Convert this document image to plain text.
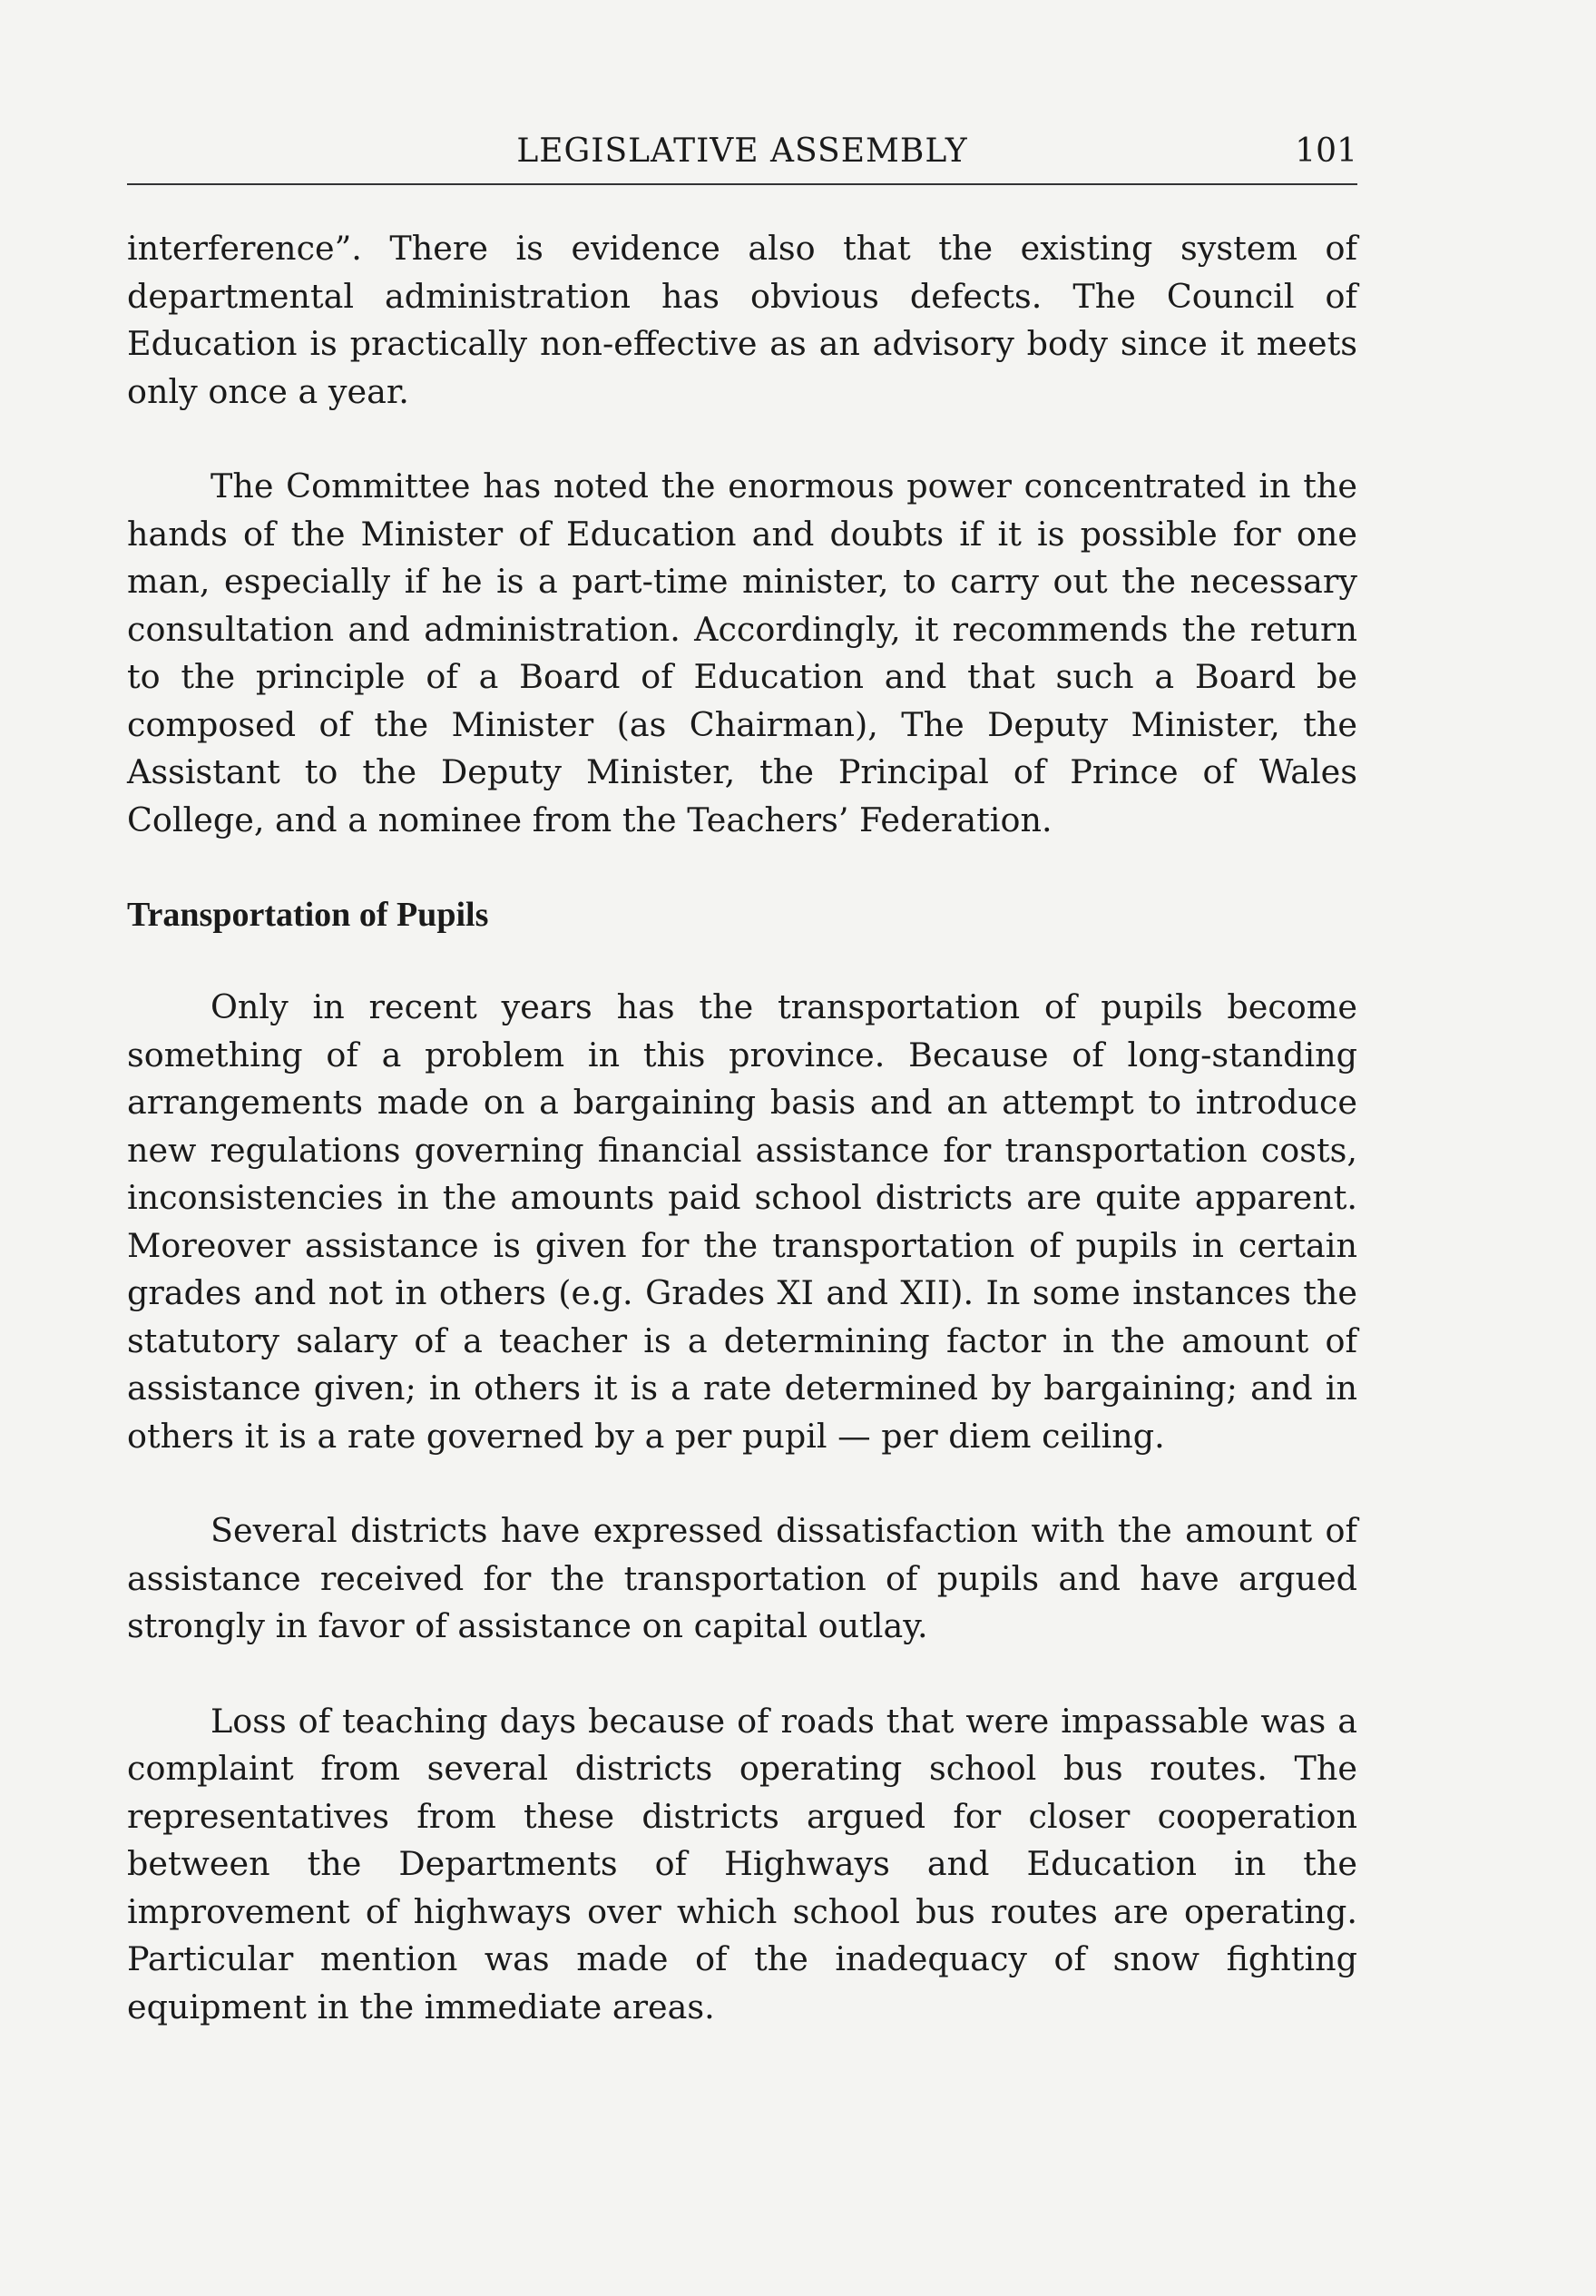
LEGISLATIVE ASSEMBLY	101

interference”. There is evidence also that the existing system of departmental administration has obvious defects. The Council of Education is practically non-effective as an advisory body since it meets only once a year.

The Committee has noted the enormous power concentrated in the hands of the Minister of Education and doubts if it is possible for one man, especially if he is a part-time minister, to carry out the necessary consultation and administration. Accordingly, it recommends the return to the principle of a Board of Education and that such a Board be composed of the Minister (as Chairman), The Deputy Minister, the Assistant to the Deputy Minister, the Principal of Prince of Wales College, and a nominee from the Teachers’ Federation.

Transportation of Pupils

Only in recent years has the transportation of pupils become something of a problem in this province. Because of long-standing arrangements made on a bargaining basis and an attempt to introduce new regulations governing financial assistance for transportation costs, inconsistencies in the amounts paid school districts are quite apparent. Moreover assistance is given for the transportation of pupils in certain grades and not in others (e.g. Grades XI and XII). In some instances the statutory salary of a teacher is a determining factor in the amount of assistance given; in others it is a rate determined by bargaining; and in others it is a rate governed by a per pupil — per diem ceiling.

Several districts have expressed dissatisfaction with the amount of assistance received for the transportation of pupils and have argued strongly in favor of assistance on capital outlay.

Loss of teaching days because of roads that were impassable was a complaint from several districts operating school bus routes. The representatives from these districts argued for closer cooperation between the Departments of Highways and Education in the improvement of highways over which school bus routes are operating. Particular mention was made of the inadequacy of snow fighting equipment in the immediate areas.
